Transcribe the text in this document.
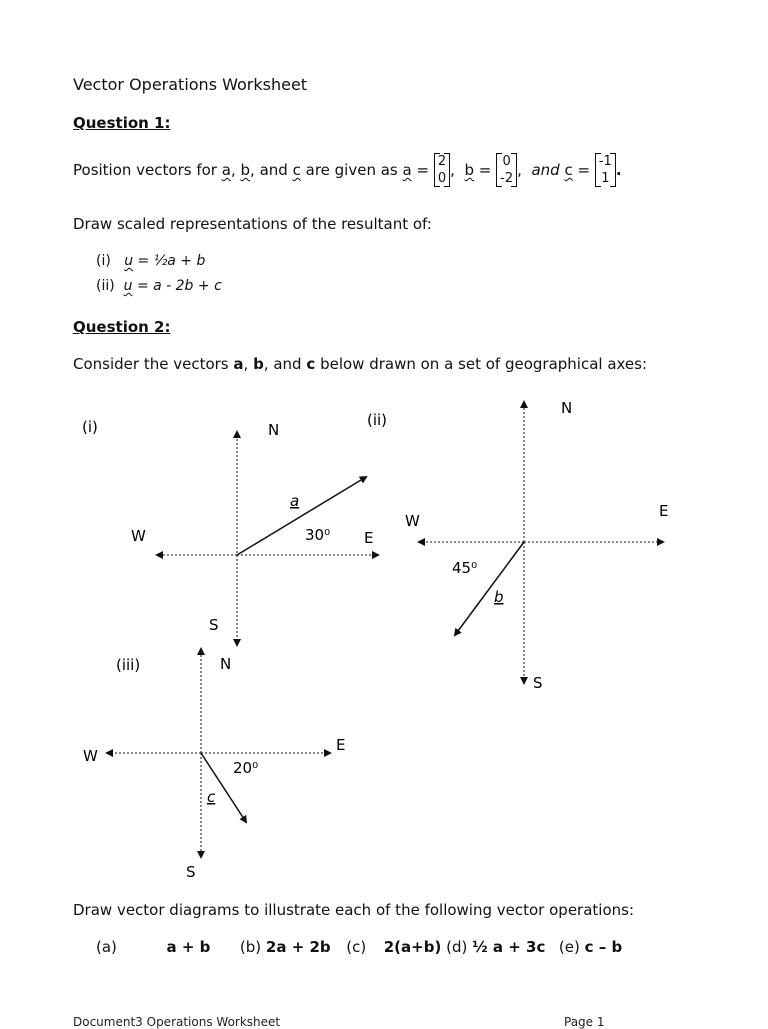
Vector Operations Worksheet
Question 1:
Position vectors for
a , b , and
c
are given as
a
=
2
0 ,
b
=
0
-2 ,
and
c
=
-1
1 .
Draw scaled representations of the resultant of:
(i) u = ½a + b
(ii) u = a - 2b + c
Question 2:
Consider the vectors a, b, and c below drawn on a set of geographical axes:
(i)	N
E
W
S
a
30⁰
(ii)
N
E
W
S
45⁰
b
(iii)	N
E
W
S
20⁰
c
Draw vector diagrams to illustrate each of the following vector operations:
(a)	a + b (b) 2a + 2b (c) 2(a+b) (d) ½ a + 3c (e) c – b
Document3 Operations Worksheet	Page 1
